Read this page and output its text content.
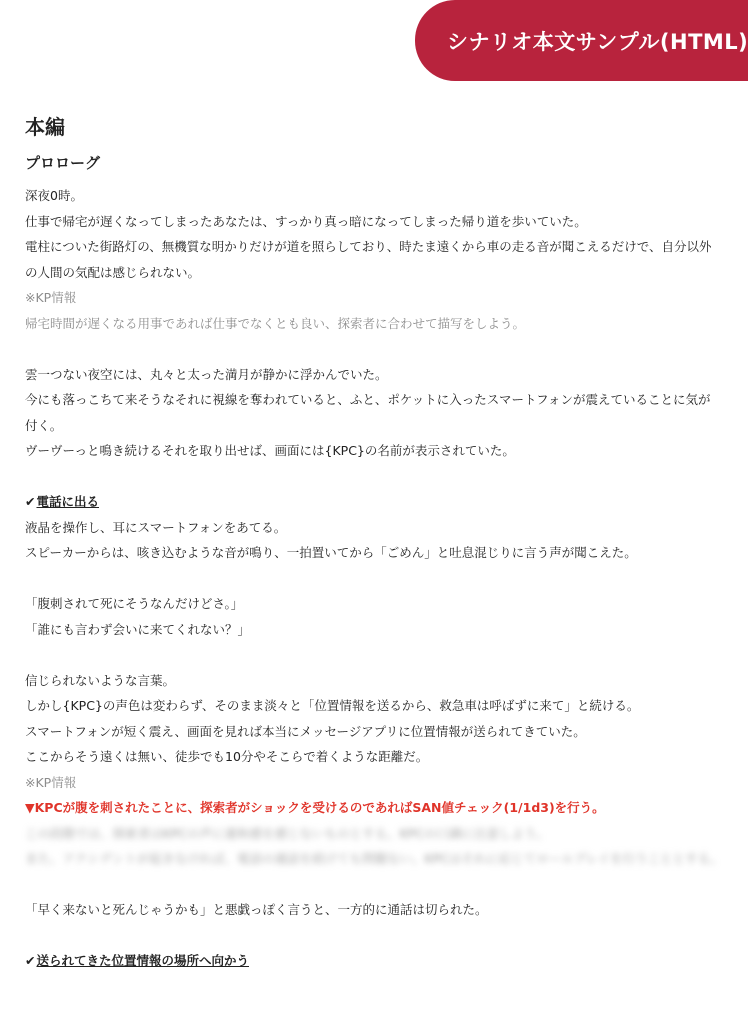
シナリオ本文サンプル(HTML)
本編
プロローグ
深夜0時。
仕事で帰宅が遅くなってしまったあなたは、すっかり真っ暗になってしまった帰り道を歩いていた。
電柱についた街路灯の、無機質な明かりだけが道を照らしており、時たま遠くから車の走る音が聞こえるだけで、自分以外
の人間の気配は感じられない。
※KP情報
帰宅時間が遅くなる用事であれば仕事でなくとも良い、探索者に合わせて描写をしよう。
雲一つない夜空には、丸々と太った満月が静かに浮かんでいた。
今にも落っこちて来そうなそれに視線を奪われていると、ふと、ポケットに入ったスマートフォンが震えていることに気が
付く。
ヴーヴーっと鳴き続けるそれを取り出せば、画面には{KPC}の名前が表示されていた。
✔電話に出る
液晶を操作し、耳にスマートフォンをあてる。
スピーカーからは、咳き込むような音が鳴り、一拍置いてから「ごめん」と吐息混じりに言う声が聞こえた。
「腹刺されて死にそうなんだけどさ。」
「誰にも言わず会いに来てくれない？」
信じられないような言葉。
しかし{KPC}の声色は変わらず、そのまま淡々と「位置情報を送るから、救急車は呼ばずに来て」と続ける。
スマートフォンが短く震え、画面を見れば本当にメッセージアプリに位置情報が送られてきていた。
ここからそう遠くは無い、徒歩でも10分やそこらで着くような距離だ。
※KP情報
▼KPCが腹を刺されたことに、探索者がショックを受けるのであればSAN値チェック(1/1d3)を行う。
この段階では、探索者はKPCの声に違和感を感じないものとする。KPCの口調に注意しよう。
また、アクシデントが起きなければ、電話の通話を続けても問題ない。KPCはそれに応じてロールプレイを行うこととする。
「早く来ないと死んじゃうかも」と悪戯っぽく言うと、一方的に通話は切られた。
✔送られてきた位置情報の場所へ向かう
